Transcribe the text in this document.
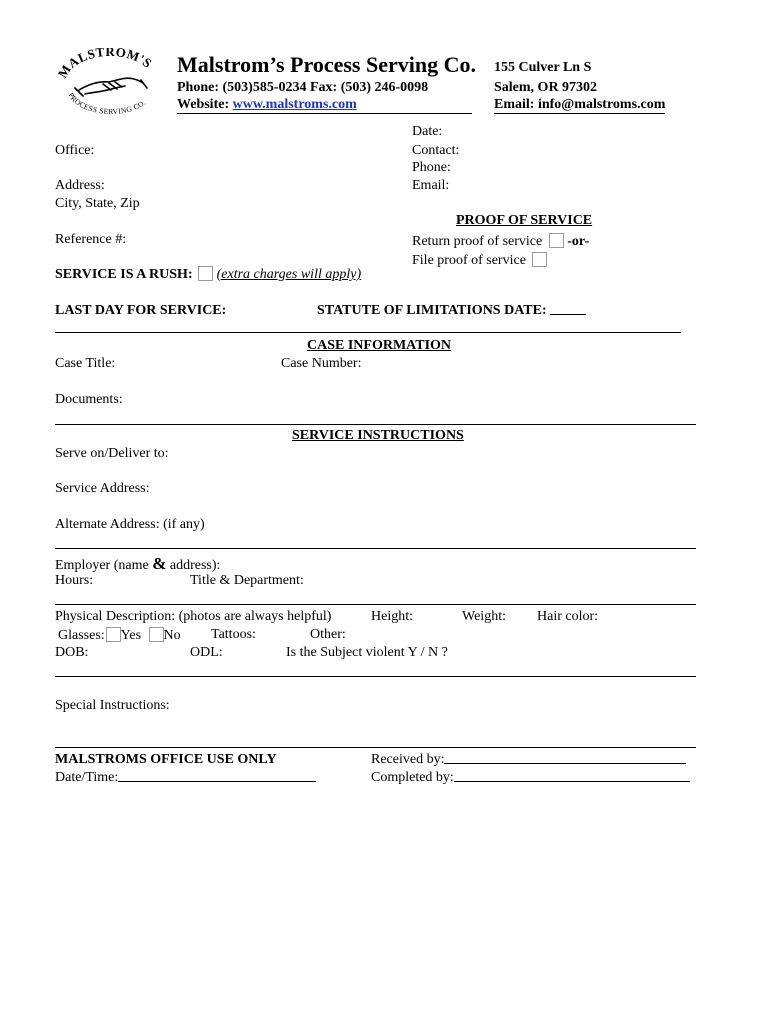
MALSTROM'S
PROCESS SERVING CO.
Malstrom’s Process Serving Co. 155 Culver Ln S
Phone: (503)585-0234 Fax: (503) 246-0098	Salem, OR 97302
Website: www.malstroms.com	Email: info@malstroms.com
Date:
Contact:
Phone:
Email:
Office:
Address:
City, State, Zip
Reference #:
PROOF OF SERVICE
Return proof of service -or-
File proof of service
SERVICE IS A RUSH: (extra charges will apply)
LAST DAY FOR SERVICE:	STATUTE OF LIMITATIONS DATE:
CASE INFORMATION
Case Title:	Case Number:
Documents:
SERVICE INSTRUCTIONS
Serve on/Deliver to:
Service Address:
Alternate Address: (if any)
Employer (name & address):
Hours:	Title & Department:
Physical Description: (photos are always helpful)	Height:	Weight: Hair color:
Glasses: Yes No Tattoos:	Other:
DOB:	ODL:	Is the Subject violent Y / N ?
Special Instructions:
MALSTROMS OFFICE USE ONLY
Date/Time:
Received by:
Completed by:
